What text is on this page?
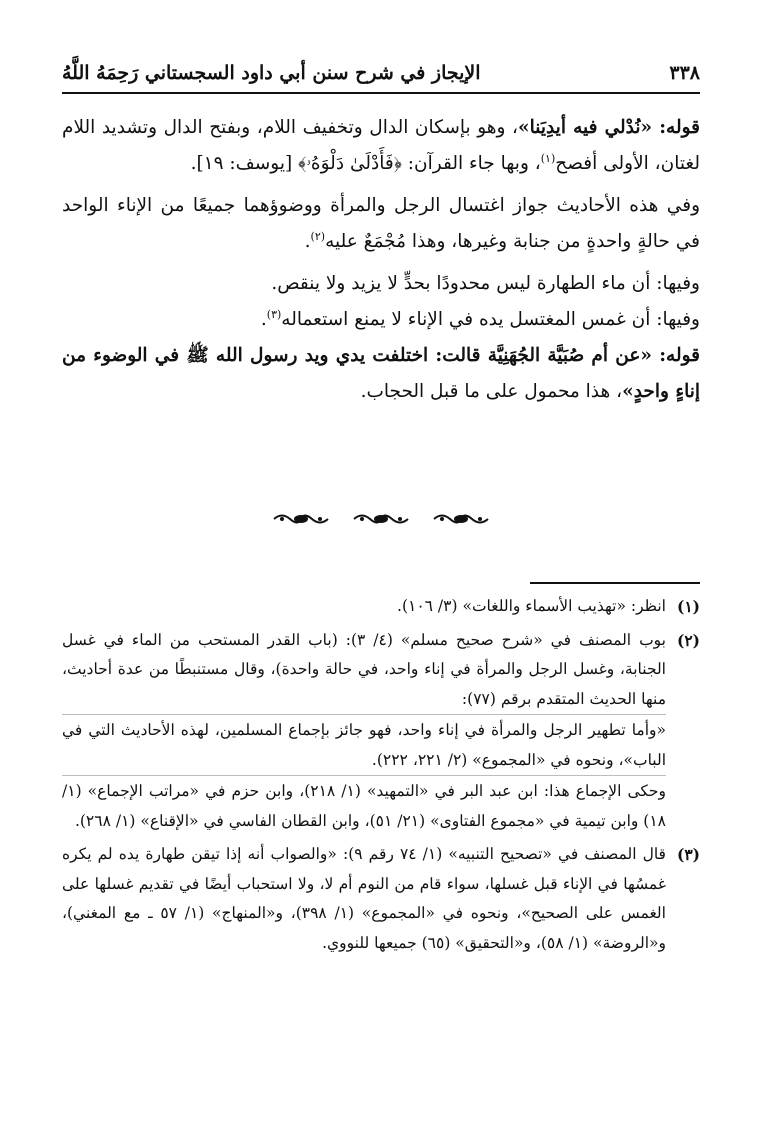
٣٣٨
الإيجاز في شرح سنن أبي داود السجستاني رَحِمَهُ اللَّهُ

قوله: «نُدْلي فيه أيدِيَنا»، وهو بإسكان الدال وتخفيف اللام، وبفتح الدال وتشديد اللام لغتان، الأولى أفصح$^{(١)}$، وبها جاء القرآن: ﴿فَأَدْلَىٰ دَلْوَهُۥ﴾ [يوسف: ١٩].

وفي هذه الأحاديث جواز اغتسال الرجل والمرأة ووضوؤهما جميعًا من الإناء الواحد في حالةٍ واحدةٍ من جنابة وغيرها، وهذا مُجْمَعٌ عليه$^{(٢)}$.

وفيها: أن ماء الطهارة ليس محدودًا بحدٍّ لا يزيد ولا ينقص.

وفيها: أن غمس المغتسل يده في الإناء لا يمنع استعماله$^{(٣)}$.

قوله: «عن أم صُبَيَّة الجُهَنِيَّة قالت: اختلفت يدي ويد رسول الله ﷺ في الوضوء من إناءٍ واحدٍ»، هذا محمول على ما قبل الحجاب.

(١)

انظر: «تهذيب الأسماء واللغات» (٣/ ١٠٦).

(٢)

بوب المصنف في «شرح صحيح مسلم» (٤/ ٣): (باب القدر المستحب من الماء في غسل الجنابة، وغسل الرجل والمرأة في إناء واحد، في حالة واحدة)، وقال مستنبطًا من عدة أحاديث، منها الحديث المتقدم برقم (٧٧):

«وأما تطهير الرجل والمرأة في إناء واحد، فهو جائز بإجماع المسلمين، لهذه الأحاديث التي في الباب»، ونحوه في «المجموع» (٢/ ٢٢١، ٢٢٢).

وحكى الإجماع هذا: ابن عبد البر في «التمهيد» (١/ ٢١٨)، وابن حزم في «مراتب الإجماع» (١/ ١٨) وابن تيمية في «مجموع الفتاوى» (٢١/ ٥١)، وابن القطان الفاسي في «الإقناع» (١/ ٢٦٨).

(٣)

قال المصنف في «تصحيح التنبيه» (١/ ٧٤ رقم ٩): «والصواب أنه إذا تيقن طهارة يده لم يكره غمسُها في الإناء قبل غسلها، سواء قام من النوم أم لا، ولا استحباب أيضًا في تقديم غسلها على الغمس على الصحيح»، ونحوه في «المجموع» (١/ ٣٩٨)، و«المنهاج» (١/ ٥٧ ـ مع المغني)، و«الروضة» (١/ ٥٨)، و«التحقيق» (٦٥) جميعها للنووي.
